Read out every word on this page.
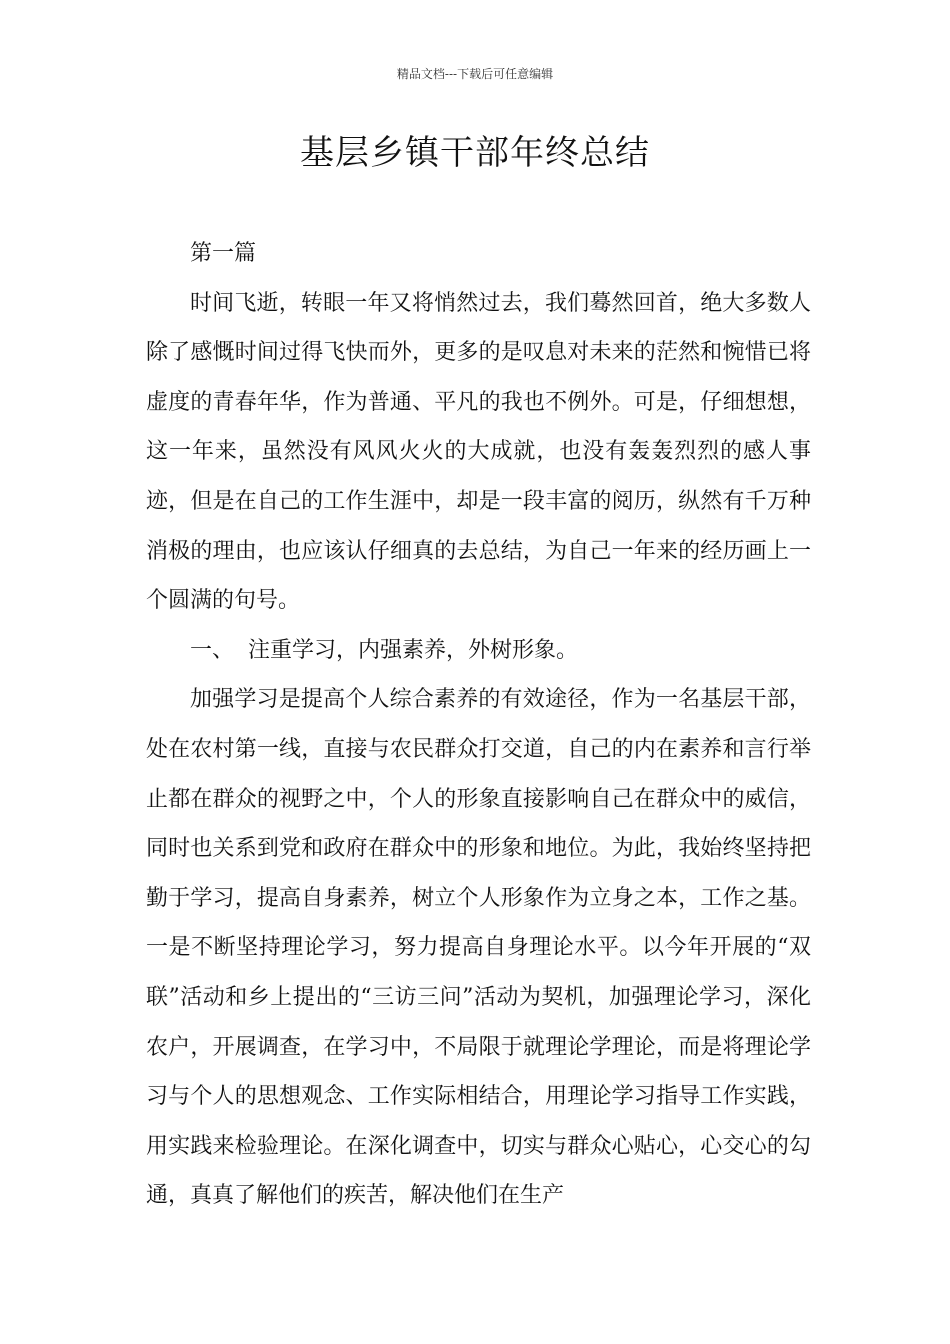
精品文档---下载后可任意编辑
基层乡镇干部年终总结

第一篇

时间飞逝，转眼一年又将悄然过去，我们蓦然回首，绝大多数人除了感慨时间过得飞快而外，更多的是叹息对未来的茫然和惋惜已将虚度的青春年华，作为普通、平凡的我也不例外。可是，仔细想想，这一年来，虽然没有风风火火的大成就，也没有轰轰烈烈的感人事迹，但是在自己的工作生涯中，却是一段丰富的阅历，纵然有千万种消极的理由，也应该认仔细真的去总结，为自己一年来的经历画上一个圆满的句号。

一、 注重学习，内强素养，外树形象。

加强学习是提高个人综合素养的有效途径，作为一名基层干部，处在农村第一线，直接与农民群众打交道，自己的内在素养和言行举止都在群众的视野之中，个人的形象直接影响自己在群众中的威信，同时也关系到党和政府在群众中的形象和地位。为此，我始终坚持把勤于学习，提高自身素养，树立个人形象作为立身之本，工作之基。一是不断坚持理论学习，努力提高自身理论水平。以今年开展的“双联”活动和乡上提出的“三访三问”活动为契机，加强理论学习，深化农户，开展调查，在学习中，不局限于就理论学理论，而是将理论学习与个人的思想观念、工作实际相结合，用理论学习指导工作实践，用实践来检验理论。在深化调查中，切实与群众心贴心，心交心的勾通，真真了解他们的疾苦，解决他们在生产
